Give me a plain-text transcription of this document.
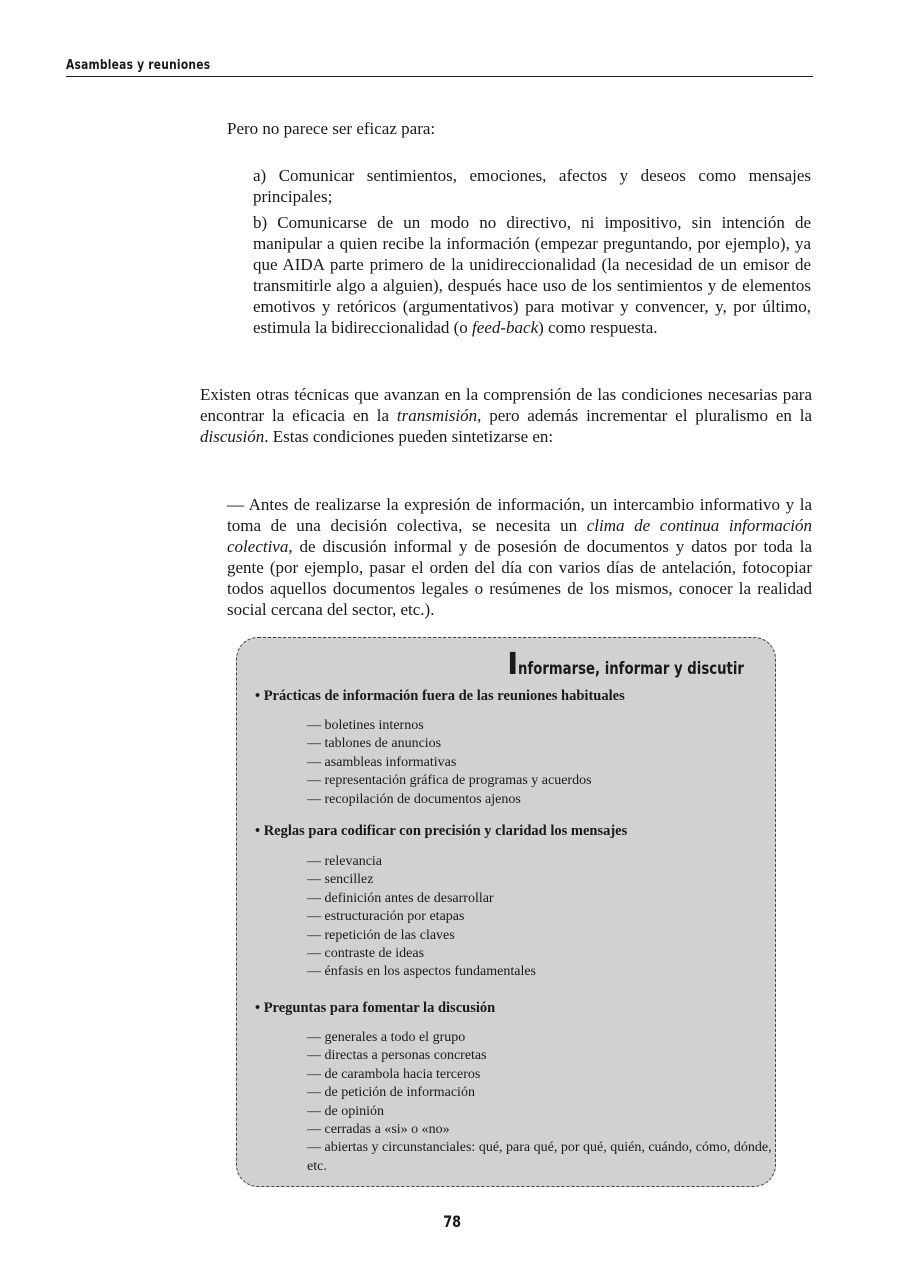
Asambleas y reuniones

Pero no parece ser eficaz para:

a) Comunicar sentimientos, emociones, afectos y deseos como mensajes principales;

b) Comunicarse de un modo no directivo, ni impositivo, sin intención de manipular a quien recibe la información (empezar preguntando, por ejemplo), ya que AIDA parte primero de la unidireccionalidad (la necesidad de un emisor de transmitirle algo a alguien), después hace uso de los sentimientos y de elementos emotivos y retóricos (argumentativos) para motivar y convencer, y, por último, estimula la bidireccionalidad (o feed-back) como respuesta.

Existen otras técnicas que avanzan en la comprensión de las condiciones necesarias para encontrar la eficacia en la transmisión, pero además incrementar el pluralismo en la discusión. Estas condiciones pueden sintetizarse en:

— Antes de realizarse la expresión de información, un intercambio informativo y la toma de una decisión colectiva, se necesita un clima de continua información colectiva, de discusión informal y de posesión de documentos y datos por toda la gente (por ejemplo, pasar el orden del día con varios días de antelación, fotocopiar todos aquellos documentos legales o resúmenes de los mismos, conocer la realidad social cercana del sector, etc.).

Informarse, informar y discutir
• Prácticas de información fuera de las reuniones habituales
— boletines internos
— tablones de anuncios
— asambleas informativas
— representación gráfica de programas y acuerdos
— recopilación de documentos ajenos
• Reglas para codificar con precisión y claridad los mensajes
— relevancia
— sencillez
— definición antes de desarrollar
— estructuración por etapas
— repetición de las claves
— contraste de ideas
— énfasis en los aspectos fundamentales
• Preguntas para fomentar la discusión
— generales a todo el grupo
— directas a personas concretas
— de carambola hacia terceros
— de petición de información
— de opinión
— cerradas a «si» o «no»
— abiertas y circunstanciales: qué, para qué, por qué, quién, cuándo, cómo, dónde, etc.
78
